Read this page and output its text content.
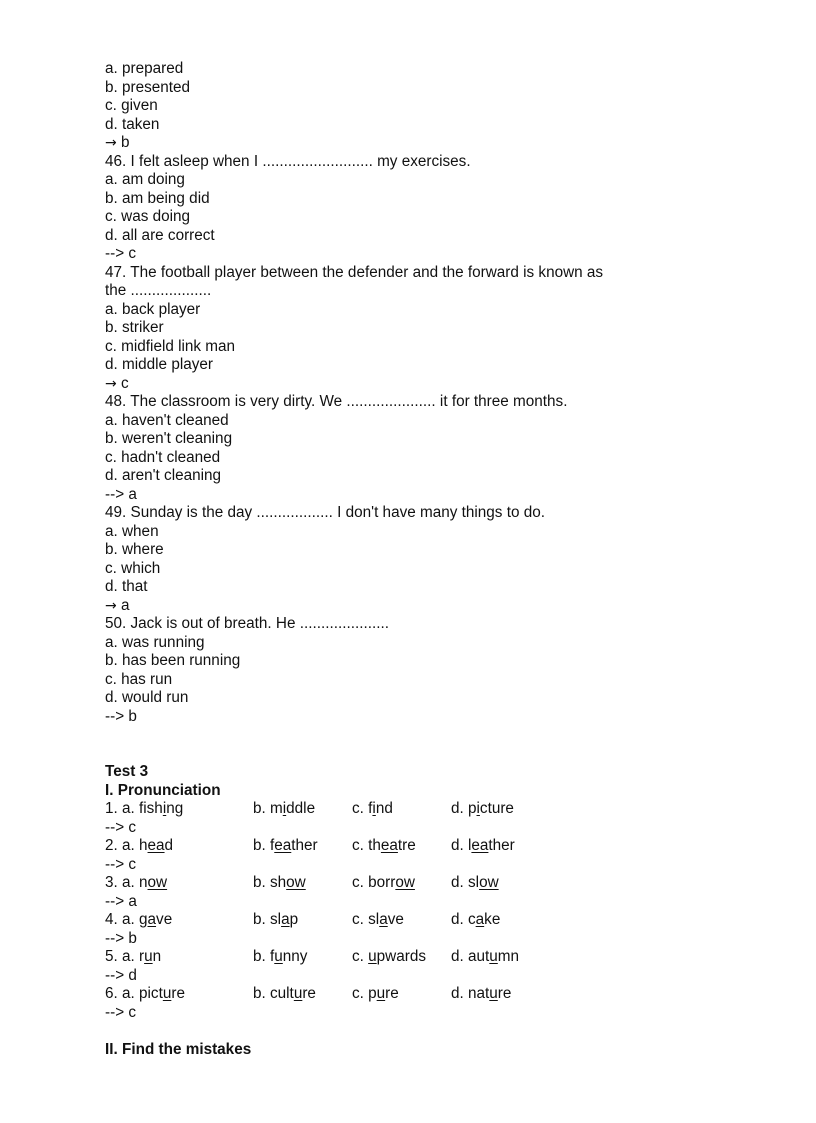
a. prepared
b. presented
c. given
d. taken
→ b
46. I felt asleep when I .......................... my exercises.
a. am doing
b. am being did
c. was doing
d. all are correct
--> c
47. The football player between the defender and the forward is known as
the ...................
a. back player
b. striker
c. midfield link man
d. middle player
→ c
48. The classroom is very dirty. We ..................... it for three months.
a. haven't cleaned
b. weren't cleaning
c. hadn't cleaned
d. aren't cleaning
--> a
49. Sunday is the day .................. I don't have many things to do.
a. when
b. where
c. which
d. that
→ a
50. Jack is out of breath. He .....................
a. was running
b. has been running
c. has run
d. would run
--> b
Test 3
I. Pronunciation
1. a. fishing	b. middle	c. find	d. picture
--> c
2. a. head	b. feather	c. theatre	d. leather
--> c
3. a. now	b. show	c. borrow	d. slow
--> a
4. a. gave	b. slap	c. slave	d. cake
--> b
5. a. run	b. funny	c. upwards	d. autumn
--> d
6. a. picture	b. culture	c. pure	d. nature
--> c
II. Find the mistakes
